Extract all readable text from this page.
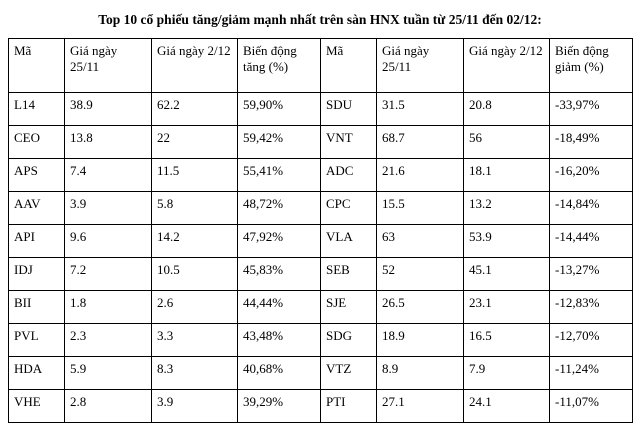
Top 10 cổ phiếu tăng/giảm mạnh nhất trên sàn HNX tuần từ 25/11 đến 02/12:
Mã	Giá ngày 25/11	Giá ngày 2/12	Biến động tăng (%)	Mã	Giá ngày 25/11	Giá ngày 2/12	Biến động giảm (%)
L14	38.9	62.2	59,90%	SDU	31.5	20.8	-33,97%
CEO	13.8	22	59,42%	VNT	68.7	56	-18,49%
APS	7.4	11.5	55,41%	ADC	21.6	18.1	-16,20%
AAV	3.9	5.8	48,72%	CPC	15.5	13.2	-14,84%
API	9.6	14.2	47,92%	VLA	63	53.9	-14,44%
IDJ	7.2	10.5	45,83%	SEB	52	45.1	-13,27%
BII	1.8	2.6	44,44%	SJE	26.5	23.1	-12,83%
PVL	2.3	3.3	43,48%	SDG	18.9	16.5	-12,70%
HDA	5.9	8.3	40,68%	VTZ	8.9	7.9	-11,24%
VHE	2.8	3.9	39,29%	PTI	27.1	24.1	-11,07%
